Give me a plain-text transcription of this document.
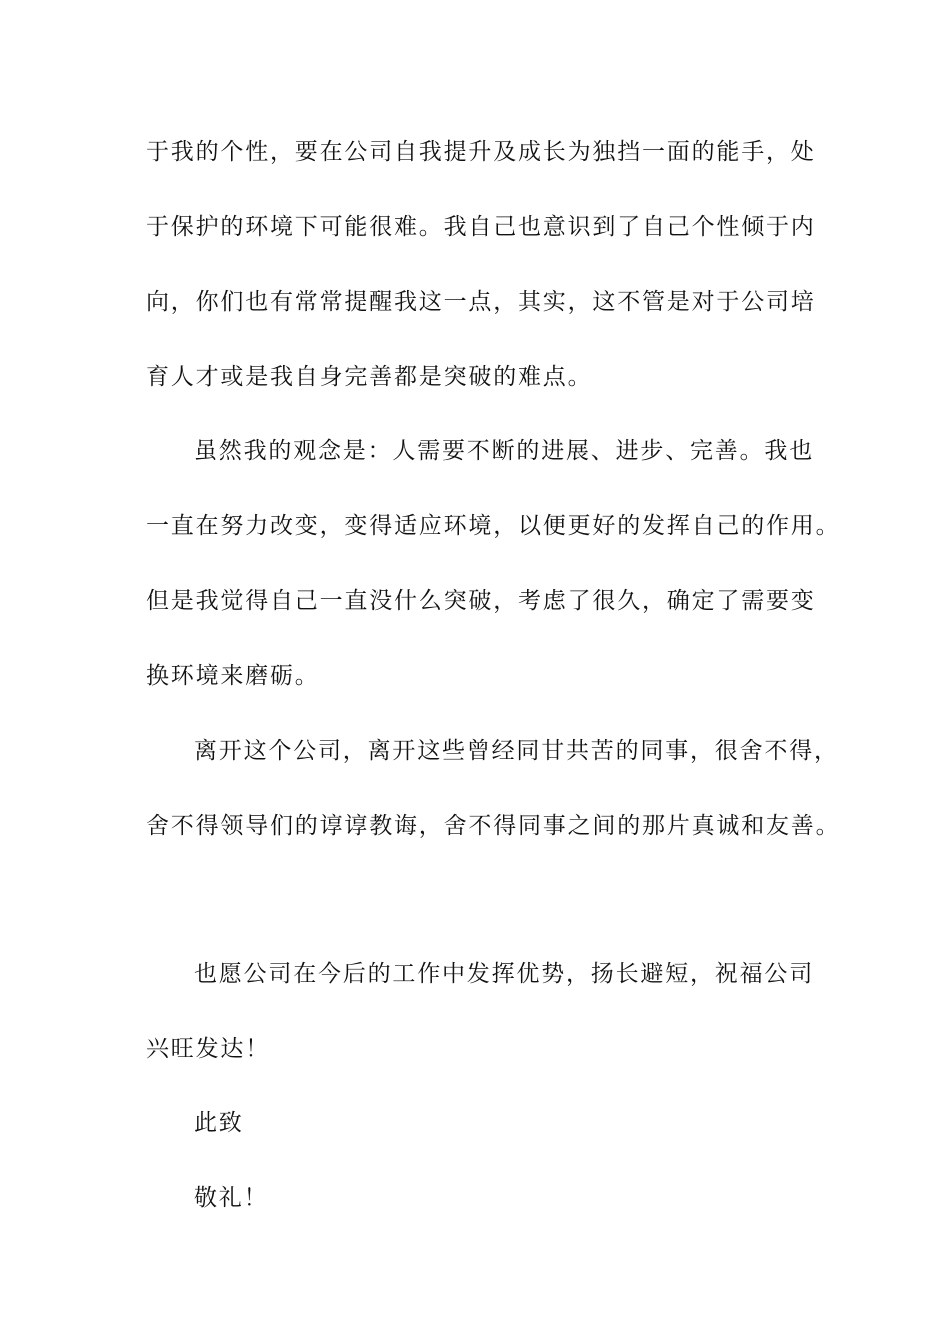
于我的个性，要在公司自我提升及成长为独挡一面的能手，处
于保护的环境下可能很难。我自己也意识到了自己个性倾于内
向，你们也有常常提醒我这一点，其实，这不管是对于公司培
育人才或是我自身完善都是突破的难点。
虽然我的观念是：人需要不断的进展、进步、完善。我也
一直在努力改变，变得适应环境，以便更好的发挥自己的作用。
但是我觉得自己一直没什么突破，考虑了很久，确定了需要变
换环境来磨砺。
离开这个公司，离开这些曾经同甘共苦的同事，很舍不得，
舍不得领导们的谆谆教诲，舍不得同事之间的那片真诚和友善。
也愿公司在今后的工作中发挥优势，扬长避短，祝福公司
兴旺发达！
此致
敬礼！
